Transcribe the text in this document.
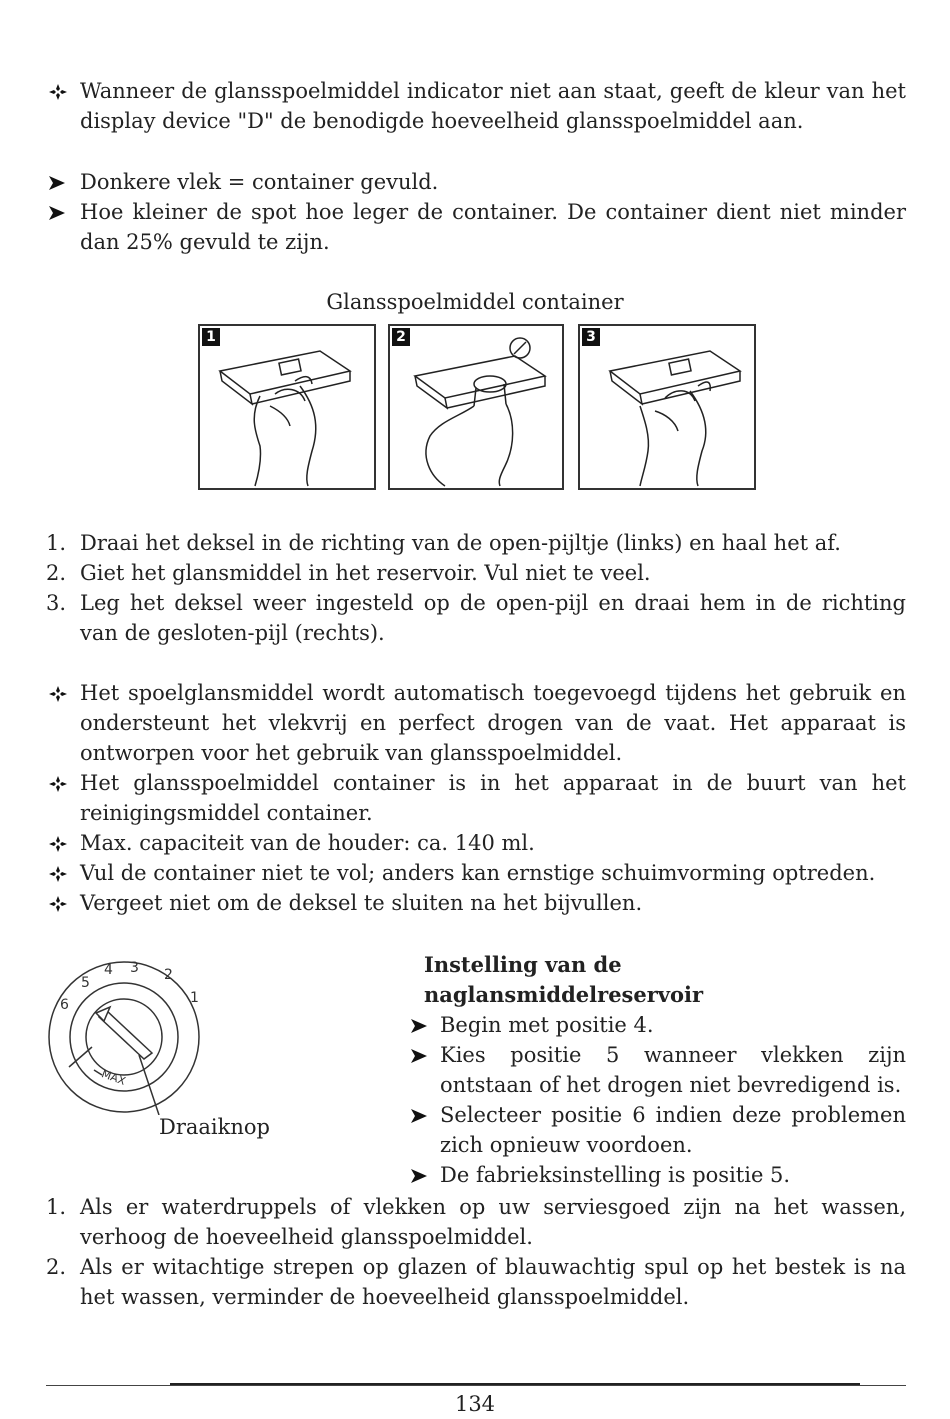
Wanneer de glansspoelmiddel indicator niet aan staat, geeft de kleur van het display device "D" de benodigde hoeveelheid glansspoelmiddel aan.
Donkere vlek = container gevuld.
Hoe kleiner de spot hoe leger de container. De container dient niet minder dan 25% gevuld te zijn.
Glansspoelmiddel container
1	2	3
1. Draai het deksel in de richting van de open-pijltje (links) en haal het af.
2. Giet het glansmiddel in het reservoir. Vul niet te veel.
3. Leg het deksel weer ingesteld op de open-pijl en draai hem in de richting van de gesloten-pijl (rechts).
Het spoelglansmiddel wordt automatisch toegevoegd tijdens het gebruik en ondersteunt het vlekvrij en perfect drogen van de vaat. Het apparaat is ontworpen voor het gebruik van glansspoelmiddel.
Het glansspoelmiddel container is in het apparaat in de buurt van het reinigingsmiddel container.
Max. capaciteit van de houder: ca. 140 ml.
Vul de container niet te vol; anders kan ernstige schuimvorming optreden.
Vergeet niet om de deksel te sluiten na het bijvullen.
1
2
3
4
5
6
MAX
Draaiknop
Instelling van de naglansmiddelreservoir
Begin met positie 4.
Kies positie 5 wanneer vlekken zijn ontstaan of het drogen niet bevredigend is.
Selecteer positie 6 indien deze problemen zich opnieuw voordoen.
De fabrieksinstelling is positie 5.
1. Als er waterdruppels of vlekken op uw serviesgoed zijn na het wassen, verhoog de hoeveelheid glansspoelmiddel.
2. Als er witachtige strepen op glazen of blauwachtig spul op het bestek is na het wassen, verminder de hoeveelheid glansspoelmiddel.
134
